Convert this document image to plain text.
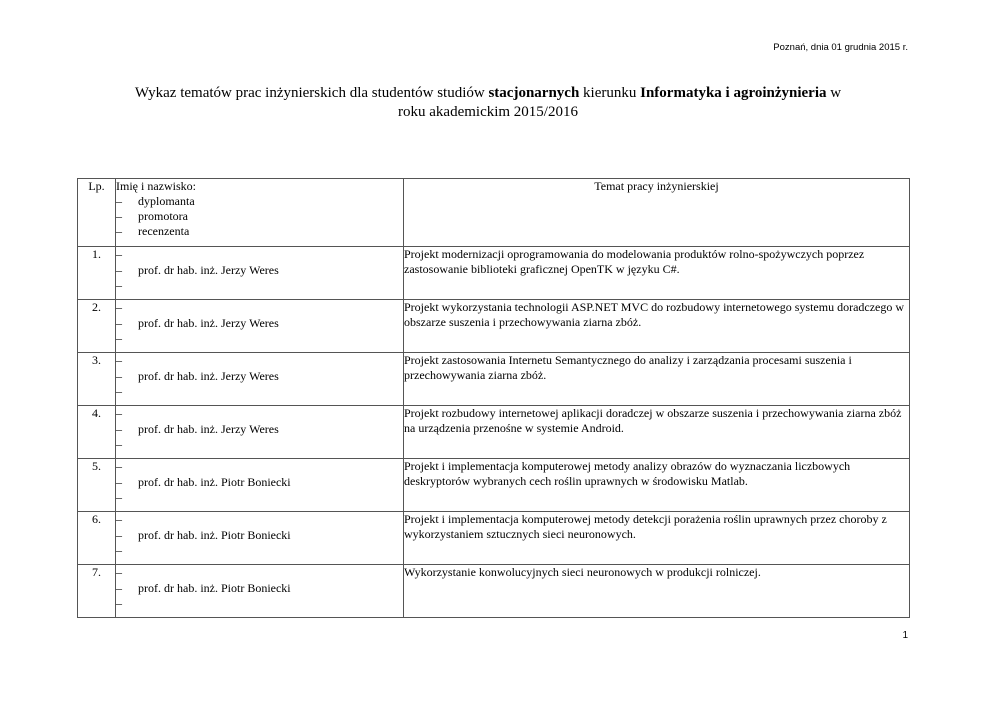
Poznań, dnia 01 grudnia 2015 r.
Wykaz tematów prac inżynierskich dla studentów studiów stacjonarnych kierunku Informatyka i agroinżynieria w roku akademickim 2015/2016
Lp.	Imię i nazwisko:
– dyplomanta
– promotora
– recenzenta	Temat pracy inżynierskiej
1.	–
– prof. dr hab. inż. Jerzy Weres
–	Projekt modernizacji oprogramowania do modelowania produktów rolno-spożywczych poprzez zastosowanie biblioteki graficznej OpenTK w języku C#.
2.	–
– prof. dr hab. inż. Jerzy Weres
–	Projekt wykorzystania technologii ASP.NET MVC do rozbudowy internetowego systemu doradczego w obszarze suszenia i przechowywania ziarna zbóż.
3.	–
– prof. dr hab. inż. Jerzy Weres
–	Projekt zastosowania Internetu Semantycznego do analizy i zarządzania procesami suszenia i przechowywania ziarna zbóż.
4.	–
– prof. dr hab. inż. Jerzy Weres
–	Projekt rozbudowy internetowej aplikacji doradczej w obszarze suszenia i przechowywania ziarna zbóż na urządzenia przenośne w systemie Android.
5.	–
– prof. dr hab. inż. Piotr Boniecki
–	Projekt i implementacja komputerowej metody analizy obrazów do wyznaczania liczbowych deskryptorów wybranych cech roślin uprawnych w środowisku Matlab.
6.	–
– prof. dr hab. inż. Piotr Boniecki
–	Projekt i implementacja komputerowej metody detekcji porażenia roślin uprawnych przez choroby z wykorzystaniem sztucznych sieci neuronowych.
7.	–
– prof. dr hab. inż. Piotr Boniecki
–	Wykorzystanie konwolucyjnych sieci neuronowych w produkcji rolniczej.
1
